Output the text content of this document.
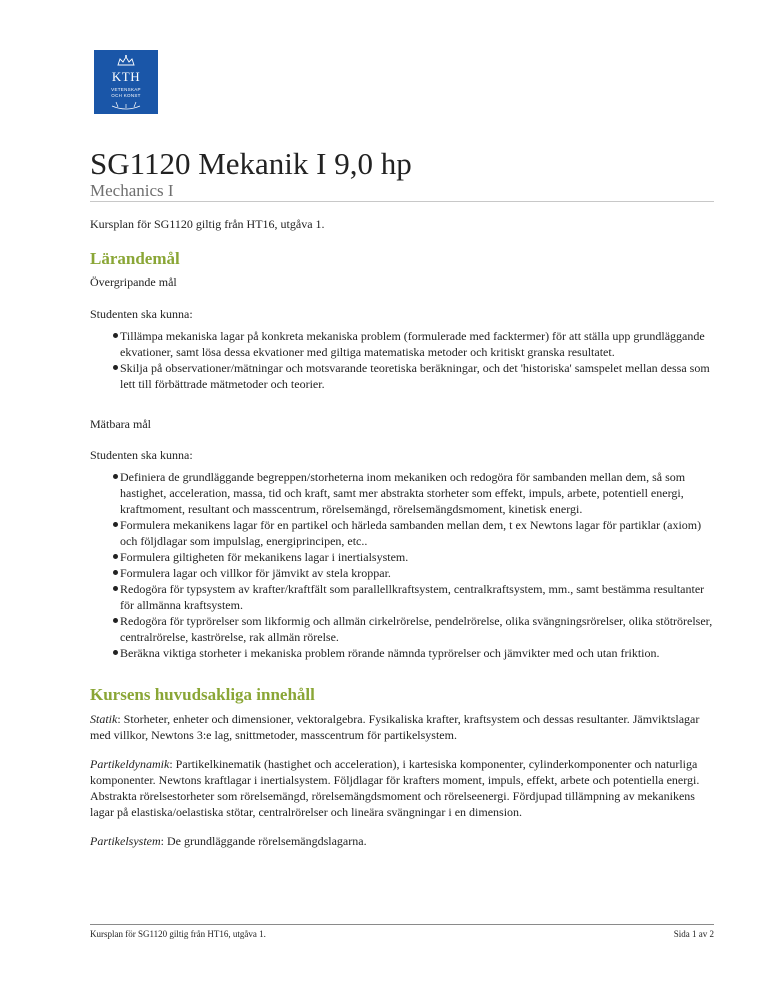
KTH
VETENSKAP
OCH KONST
SG1120 Mekanik I 9,0 hp
Mechanics I
Kursplan för SG1120 giltig från HT16, utgåva 1.
Lärandemål

Övergripande mål

Studenten ska kunna:

Tillämpa mekaniska lagar på konkreta mekaniska problem (formulerade med facktermer) för att ställa upp grundläggande ekvationer, samt lösa dessa ekvationer med giltiga matematiska metoder och kritiskt granska resultatet.
Skilja på observationer/mätningar och motsvarande teoretiska beräkningar, och det 'historiska' samspelet mellan dessa som lett till förbättrade mätmetoder och teorier.

Mätbara mål

Studenten ska kunna:

Definiera de grundläggande begreppen/storheterna inom mekaniken och redogöra för sambanden mellan dem, så som hastighet, acceleration, massa, tid och kraft, samt mer abstrakta storheter som effekt, impuls, arbete, potentiell energi, kraftmoment, resultant och masscentrum, rörelsemängd, rörelsemängdsmoment, kinetisk energi.
Formulera mekanikens lagar för en partikel och härleda sambanden mellan dem, t ex Newtons lagar för partiklar (axiom) och följdlagar som impulslag, energiprincipen, etc..
Formulera giltigheten för mekanikens lagar i inertialsystem.
Formulera lagar och villkor för jämvikt av stela kroppar.
Redogöra för typsystem av krafter/kraftfält som parallellkraftsystem, centralkraftsystem, mm., samt bestämma resultanter för allmänna kraftsystem.
Redogöra för typrörelser som likformig och allmän cirkelrörelse, pendelrörelse, olika svängningsrörelser, olika stötrörelser, centralrörelse, kaströrelse, rak allmän rörelse.
Beräkna viktiga storheter i mekaniska problem rörande nämnda typrörelser och jämvikter med och utan friktion.
Kursens huvudsakliga innehåll

Statik: Storheter, enheter och dimensioner, vektoralgebra. Fysikaliska krafter, kraftsystem och dessas resultanter. Jämviktslagar med villkor, Newtons 3:e lag, snittmetoder, masscentrum för partikelsystem.

Partikeldynamik: Partikelkinematik (hastighet och acceleration), i kartesiska komponenter, cylinderkomponenter och naturliga komponenter. Newtons kraftlagar i inertialsystem. Följdlagar för krafters moment, impuls, effekt, arbete och potentiella energi. Abstrakta rörelsestorheter som rörelsemängd, rörelsemängdsmoment och rörelseenergi. Fördjupad tillämpning av mekanikens lagar på elastiska/oelastiska stötar, centralrörelser och lineära svängningar i en dimension.

Partikelsystem: De grundläggande rörelsemängdslagarna.

Kursplan för SG1120 giltig från HT16, utgåva 1.	Sida 1 av 2
